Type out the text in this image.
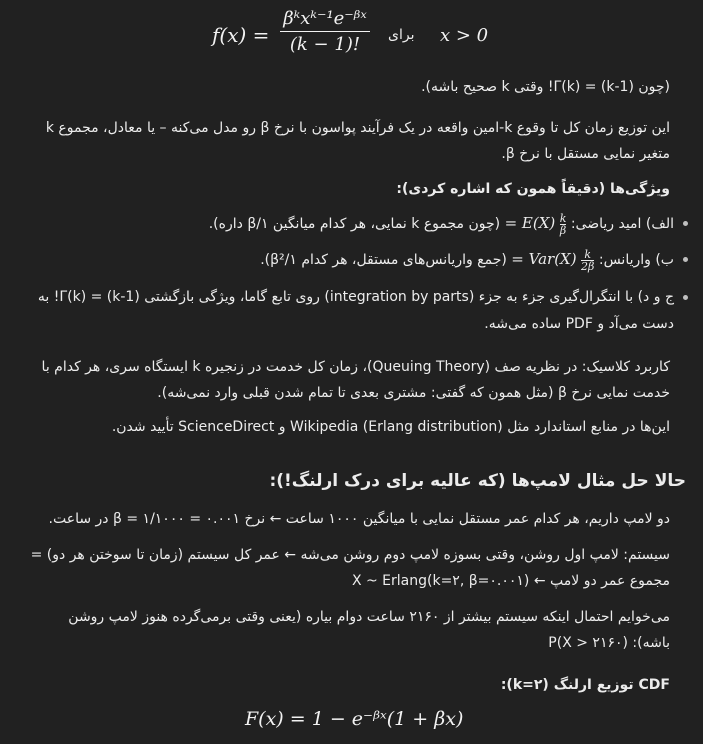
f(x) =
βᵏxᵏ⁻¹e⁻ᵝˣ
(k − 1)!	برای x > 0
(چون Γ(k) = (k-1)! وقتی k صحیح باشه).
این توزیع زمان کل تا وقوع k-امین واقعه در یک فرآیند پواسون با نرخ β رو مدل می‌کنه – یا معادل، مجموع k متغیر نمایی مستقل با نرخ β.
ویژگی‌ها (دقیقاً همون که اشاره کردی):
الف) امید ریاضی:
$\frac{k}{\beta}$
= E(X) (چون مجموع k نمایی، هر کدام میانگین β/۱ داره).
ب) واریانس:
$\frac{k}{2\beta}$
= Var(X) (جمع واریانس‌های مستقل، هر کدام β²/۱).
ج و د) با انتگرال‌گیری جزء به جزء (integration by parts) روی تابع گاما، ویژگی بازگشتی Γ(k) = (k-1)! به دست می‌آد و PDF ساده می‌شه.
کاربرد کلاسیک: در نظریه صف (Queuing Theory)، زمان کل خدمت در زنجیره k ایستگاه سری، هر کدام با خدمت نمایی نرخ β (مثل همون که گفتی: مشتری بعدی تا تمام شدن قبلی وارد نمی‌شه).
این‌ها در منابع استاندارد مثل Wikipedia (Erlang distribution) و ScienceDirect تأیید شدن.
حالا حل مثال لامپ‌ها (که عالیه برای درک ارلنگ!):
دو لامپ داریم، هر کدام عمر مستقل نمایی با میانگین ۱۰۰۰ ساعت ← نرخ ۰.۰۰۱ = ۱/۱۰۰۰ = β در ساعت.
سیستم: لامپ اول روشن، وقتی بسوزه لامپ دوم روشن می‌شه ← عمر کل سیستم (زمان تا سوختن هر دو) = مجموع عمر دو لامپ ← X ~ Erlang(k=۲, β=۰.۰۰۱)
می‌خوایم احتمال اینکه سیستم بیشتر از ۲۱۶۰ ساعت دوام بیاره (یعنی وقتی برمی‌گرده هنوز لامپ روشن باشه): P(X > ۲۱۶۰)
CDF توزیع ارلنگ (k=۲):
F(x) = 1 − e⁻ᵝˣ(1 + βx)
